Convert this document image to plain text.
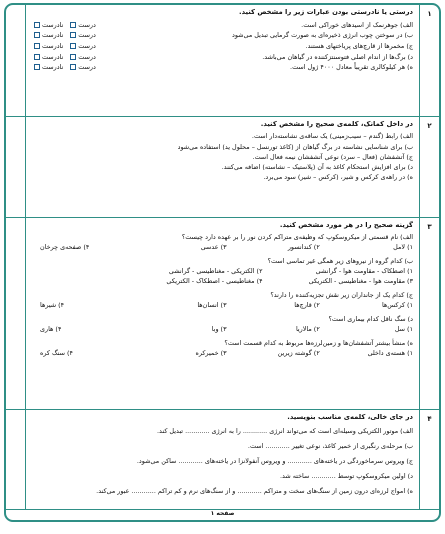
۱
درستی یا نادرستی بودن عبارات زیر را مشخص کنید.
الف) جوهرنمک از اسیدهای خوراکی است.
درست
نادرست
ب) در سوختن چوب انرژی ذخیره‌ای به صورت گرمایی تبدیل می‌شود
درست
نادرست
ج) مخمرها از قارچ‌های پرياختهای هستند.
درست
نادرست
د) برگ‌ها از اندام اصلی فتوسنتزکننده در گیاهان می‌باشد.
درست
نادرست
ه) هر کیلوکالری تقریباً معادل ۴۰۰۰ ژول است.
درست
نادرست
۲
در داخل کمانک، کلمه‌ی صحیح را مشخص کنید.
الف) رابط (گندم – سیب‌زمینی) یک ساقه‌ی نشاسته‌دار است.
ب) برای شناسایی نشاسته در برگ گیاهان از (کاغذ تورنسل – محلول ید) استفاده می‌شود
ج) آتشفشان (فعال – سرد) نوعی آتشفشان نیمه فعال است.
د) برای افزایش استحکام کاغذ به آن (پلاستیک – نشاسته) اضافه می‌کنند.
ه) در راهه‌ی کرکس و شیر، (کرکس – شیر) سود می‌برد.
۳
گزینه صحیح را در هر مورد مشخص کنید.
الف) نام قسمتی از میکروسکوپ که وظیفه‌ی متراکم کردن نور را بر عهده دارد چیست؟
۱) لامل
۲) کندانسور
۳) عدسی
۴) صفحه‌ی چرخان
ب) کدام گروه از نیروهای زیر همگی غیر تماسی است؟
۱) اصطکاک - مقاومت هوا - گرانشی
۲) الکتریکی - مغناطیسی - گرانشی
۳) مقاومت هوا - مغناطیسی - الکتریکی
۴) مغناطیسی - اصطکاک - الکتریکی
ج) کدام یک از جانداران زیر نقش تجزیه‌کننده را دارند؟
۱) کرکس‌ها
۲) قارچ‌ها
۳) انسان‌ها
۴) شیرها
د) سگ ناقل کدام بیماری است؟
۱) سل
۲) مالاریا
۳) وبا
۴) هاری
ه) منشأ بیشتر آتشفشان‌ها و زمین‌لرزه‌ها مربوط به کدام قسمت است؟
۱) هسته‌ی داخلی
۲) گوشته زیرین
۳) خمیرکره
۴) سنگ کره
۴
در جای خالی، کلمه‌ی مناسب بنویسید.
الف) موتور الکتریکی وسیله‌ای است که می‌تواند انرژی ............ را به انرژی ............ تبدیل کند.
ب) مرحله‌ی رنگبری از خمیر کاغذ، نوعی تغییر ............ است.
ج) ویروس سرماخوردگی در یاخته‌های ............ و ویروس آنفولانزا در یاخته‌های ............ ساکن می‌شود.
د) اولین میکروسکوپ توسط ............ ساخته شد.
ه) امواج لرزه‌ای درون زمین از سنگ‌های سخت و متراکم ............ و از سنگ‌های نرم و کم تراکم ............ عبور می‌کند.
صفحه ۱
